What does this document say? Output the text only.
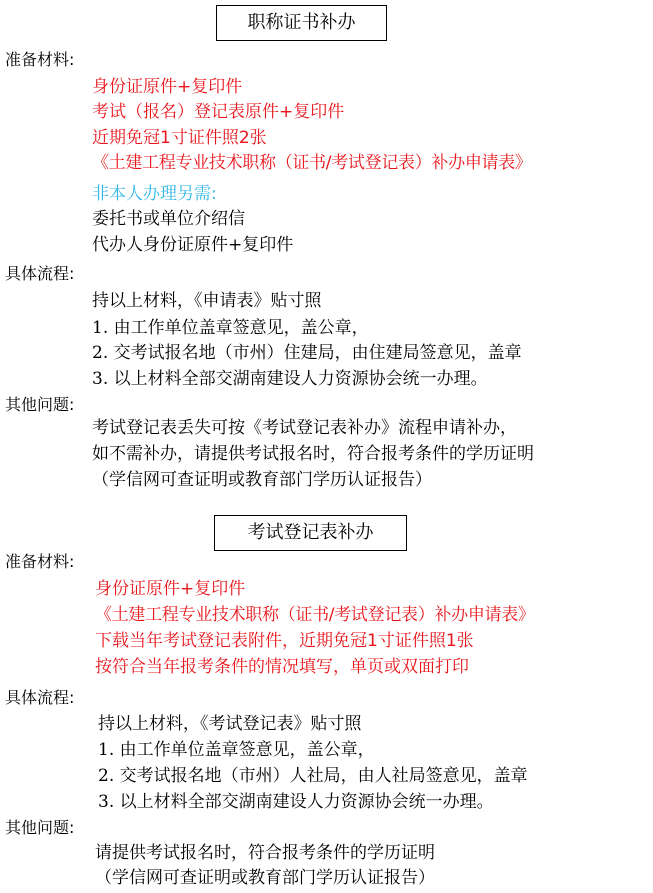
职称证书补办
准备材料:
身份证原件+复印件
考试（报名）登记表原件+复印件
近期免冠1寸证件照2张
《土建工程专业技术职称（证书/考试登记表）补办申请表》
非本人办理另需:
委托书或单位介绍信
代办人身份证原件+复印件
具体流程:
持以上材料，《申请表》贴寸照
1. 由工作单位盖章签意见，盖公章，
2. 交考试报名地（市州）住建局，由住建局签意见，盖章
3. 以上材料全部交湖南建设人力资源协会统一办理。
其他问题:
考试登记表丢失可按《考试登记表补办》流程申请补办，
如不需补办，请提供考试报名时，符合报考条件的学历证明
（学信网可查证明或教育部门学历认证报告）
考试登记表补办
准备材料:
身份证原件+复印件
《土建工程专业技术职称（证书/考试登记表）补办申请表》
下载当年考试登记表附件，近期免冠1寸证件照1张
按符合当年报考条件的情况填写，单页或双面打印
具体流程:
持以上材料，《考试登记表》贴寸照
1. 由工作单位盖章签意见，盖公章，
2. 交考试报名地（市州）人社局，由人社局签意见，盖章
3. 以上材料全部交湖南建设人力资源协会统一办理。
其他问题:
请提供考试报名时，符合报考条件的学历证明
（学信网可查证明或教育部门学历认证报告）
